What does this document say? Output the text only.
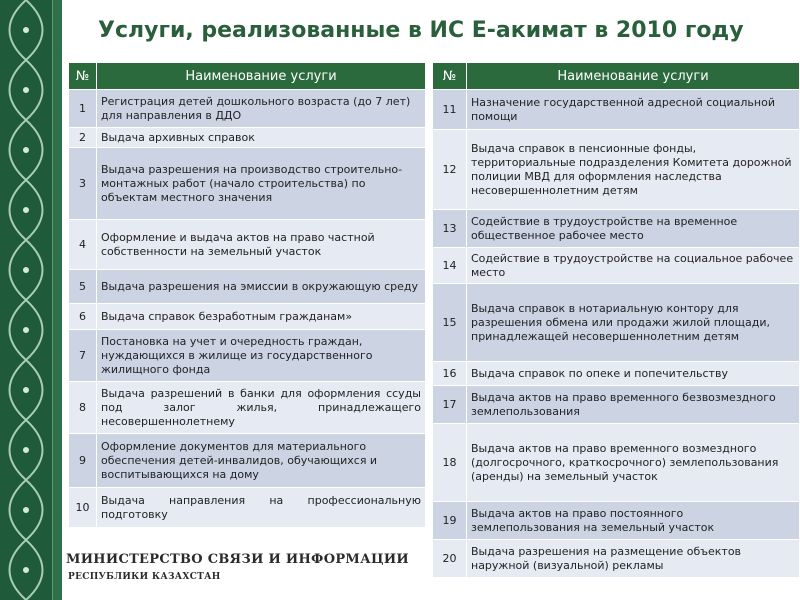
Услуги, реализованные в ИС Е-акимат в 2010 году
№	Наименование услуги
1	Регистрация детей дошкольного возраста (до 7 лет) для направления в ДДО
2	Выдача архивных справок
3	Выдача разрешения на производство строительно-монтажных работ (начало строительства) по объектам местного значения
4	Оформление и выдача актов на право частной собственности на земельный участок
5	Выдача разрешения на эмиссии в окружающую среду
6	Выдача справок безработным гражданам»
7	Постановка на учет и очередность граждан, нуждающихся в жилище из государственного жилищного фонда
8	Выдача разрешений в банки для оформления ссуды под залог жилья, принадлежащего несовершеннолетнему
9	Оформление документов для материального обеспечения детей-инвалидов, обучающихся и воспитывающихся на дому
10	Выдача направления на профессиональную подготовку
№	Наименование услуги
11	Назначение государственной адресной социальной помощи
12	Выдача справок в пенсионные фонды, территориальные подразделения Комитета дорожной полиции МВД для оформления наследства несовершеннолетним детям
13	Содействие в трудоустройстве на временное общественное рабочее место
14	Содействие в трудоустройстве на социальное рабочее место
15	Выдача справок в нотариальную контору для разрешения обмена или продажи жилой площади, принадлежащей несовершеннолетним детям
16	Выдача справок по опеке и попечительству
17	Выдача актов на право временного безвозмездного землепользования
18	Выдача актов на право временного возмездного (долгосрочного, краткосрочного) землепользования (аренды) на земельный участок
19	Выдача актов на право постоянного землепользования на земельный участок
20	Выдача разрешения на размещение объектов наружной (визуальной) рекламы
МИНИСТЕРСТВО СВЯЗИ И ИНФОРМАЦИИ
РЕСПУБЛИКИ КАЗАХСТАН
